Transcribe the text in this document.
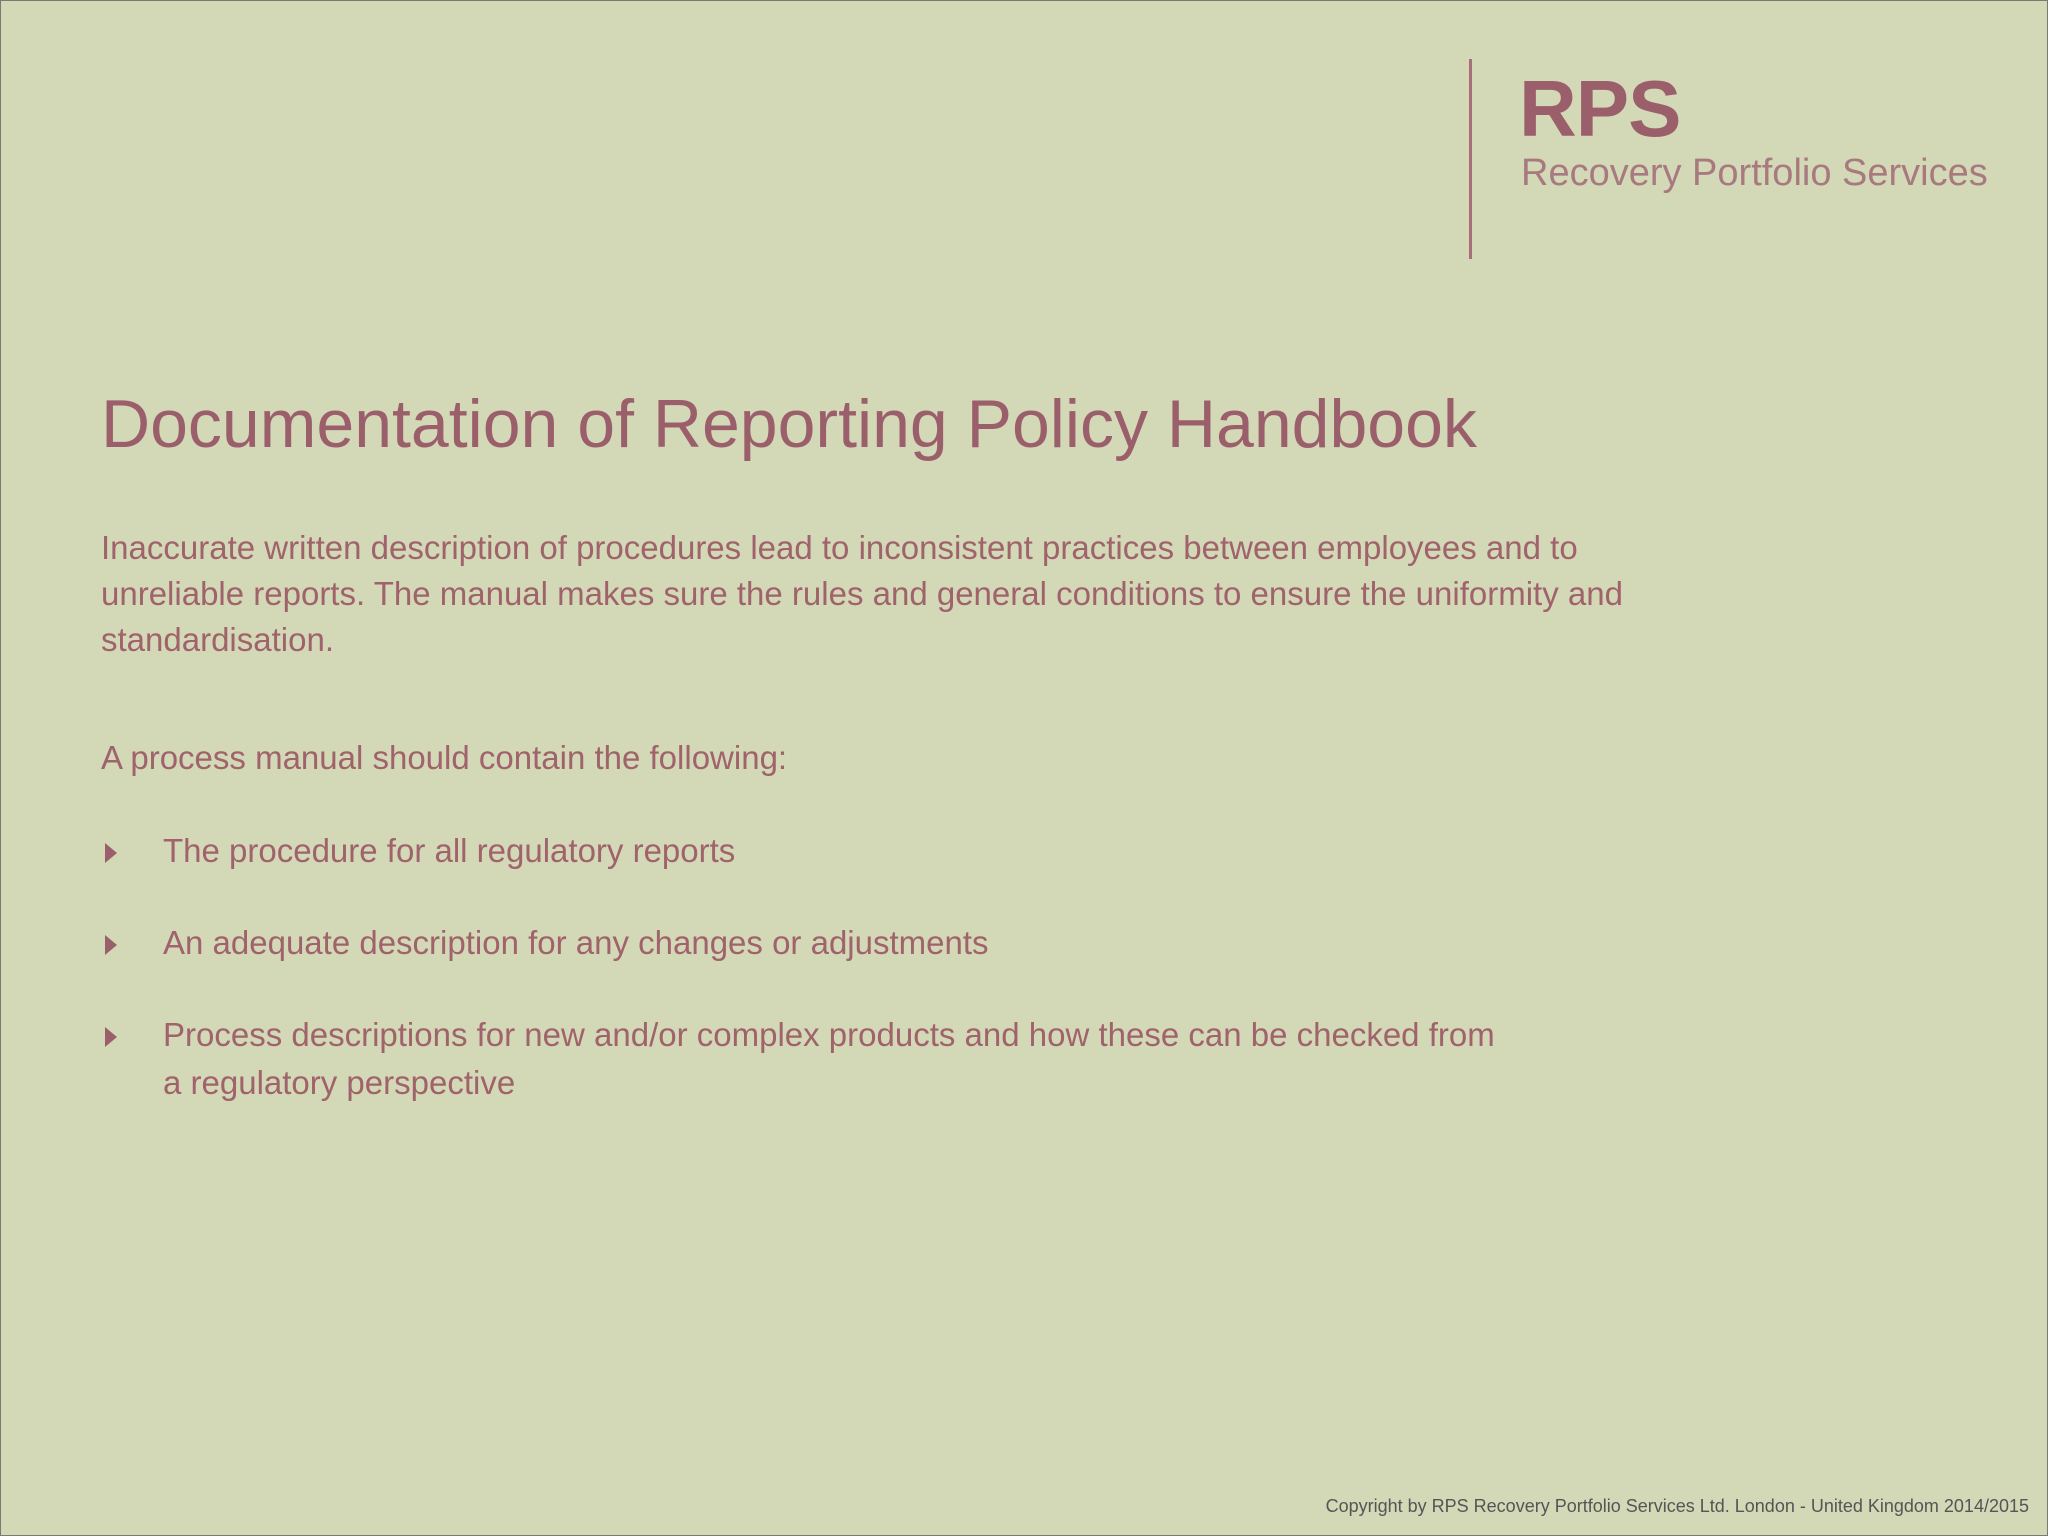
RPS
Recovery Portfolio Services
Documentation of Reporting Policy Handbook

Inaccurate written description of procedures lead to inconsistent practices between employees and to unreliable reports. The manual makes sure the rules and general conditions to ensure the uniformity and standardisation.

A process manual should contain the following:

The procedure for all regulatory reports
An adequate description for any changes or adjustments
Process descriptions for new and/or complex products and how these can be checked from a regulatory perspective
Copyright by RPS Recovery Portfolio Services Ltd. London - United Kingdom 2014/2015
